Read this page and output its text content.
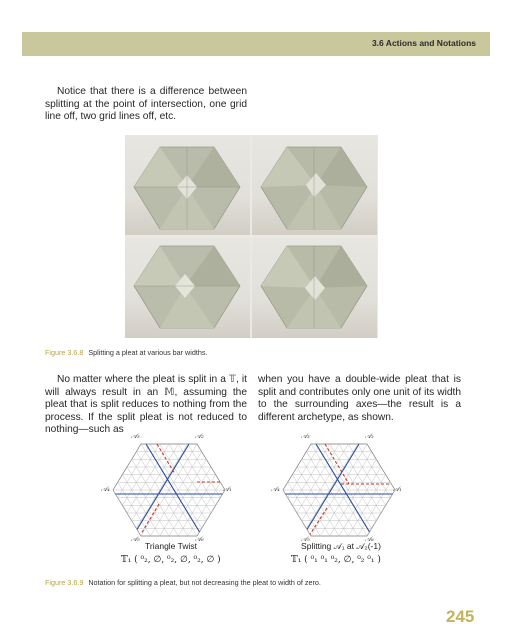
3.6 Actions and Notations

Notice that there is a difference between splitting at the point of intersection, one grid line off, two grid lines off, etc.

Figure 3.6.8 Splitting a pleat at various bar widths.

No matter where the pleat is split in a 𝕋, it will always result in an 𝕄, assuming the pleat that is split reduces to nothing from the process. If the split pleat is not reduced to nothing—such as

when you have a double-wide pleat that is split and contributes only one unit of its width to the surrounding axes—the result is a different archetype, as shown.

𝒜₃	𝒜₂
𝒜₄	𝒜₁
𝒜₅	𝒜₆
Triangle Twist
𝕋₁ ( ⁰₂, ∅, ⁰₂, ∅, ⁰₂, ∅ )
𝒜₃	𝒜₂
𝒜₄	𝒜₁
𝒜₅	𝒜₆
Splitting 𝒜₁ at 𝒜₂(-1)
𝕋₁ ( ⁰₁ ⁰₁ ⁰₂, ∅, ⁰₂ ⁰₁ )
Figure 3.6.9 Notation for splitting a pleat, but not decreasing the pleat to width of zero.
245
